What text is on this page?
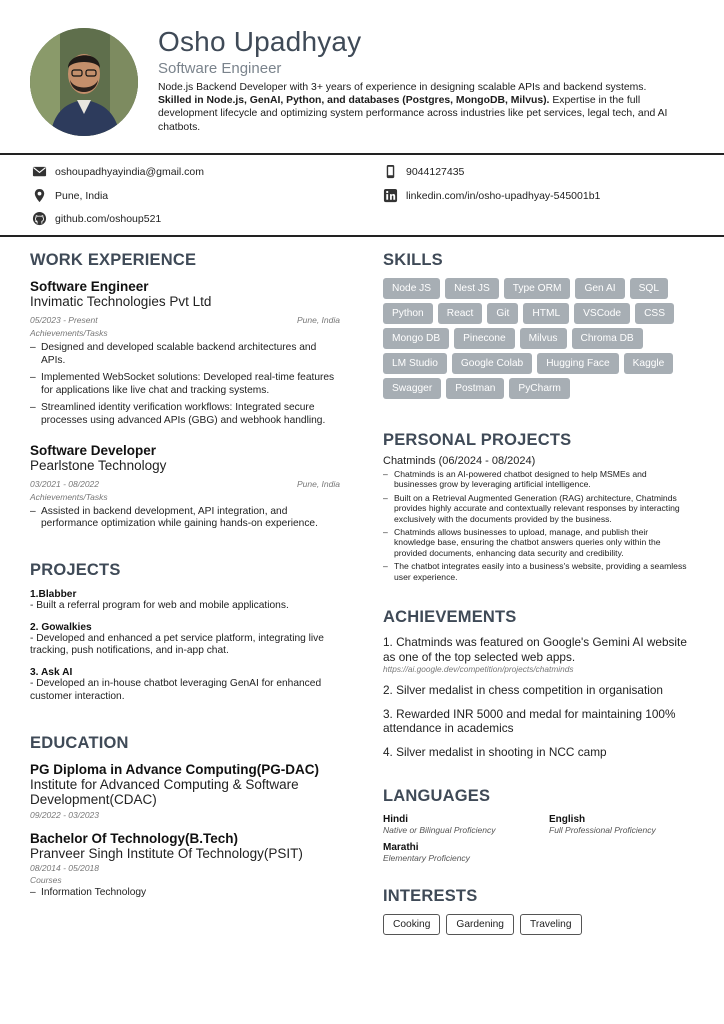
Osho Upadhyay
Software Engineer
Node.js Backend Developer with 3+ years of experience in designing scalable APIs and backend systems.
Skilled in Node.js, GenAI, Python, and databases (Postgres, MongoDB, Milvus). Expertise in the full development lifecycle and optimizing system performance across industries like pet services, legal tech, and AI chatbots.
oshoupadhyayindia@gmail.com	9044127435
Pune, India	linkedin.com/in/osho-upadhyay-545001b1
github.com/oshoup521
WORK EXPERIENCE
Software Engineer
Invimatic Technologies Pvt Ltd
05/2023 - Present	Pune, India
Achievements/Tasks
– Designed and developed scalable backend architectures and APIs.
– Implemented WebSocket solutions: Developed real-time features for applications like live chat and tracking systems.
– Streamlined identity verification workflows: Integrated secure processes using advanced APIs (GBG) and webhook handling.
Software Developer
Pearlstone Technology
03/2021 - 08/2022	Pune, India
Achievements/Tasks
– Assisted in backend development, API integration, and performance optimization while gaining hands-on experience.
PROJECTS
1.Blabber
- Built a referral program for web and mobile applications.
2. Gowalkies
- Developed and enhanced a pet service platform, integrating live tracking, push notifications, and in-app chat.
3. Ask AI
- Developed an in-house chatbot leveraging GenAI for enhanced customer interaction.
EDUCATION
PG Diploma in Advance Computing(PG-DAC)
Institute for Advanced Computing & Software Development(CDAC)
09/2022 - 03/2023
Bachelor Of Technology(B.Tech)
Pranveer Singh Institute Of Technology(PSIT)
08/2014 - 05/2018
Courses
– Information Technology
SKILLS
Node JS	Nest JS	Type ORM	Gen AI	SQL
Python	React	Git	HTML	VSCode	CSS
Mongo DB	Pinecone	Milvus	Chroma DB
LM Studio	Google Colab	Hugging Face	Kaggle
Swagger	Postman	PyCharm
PERSONAL PROJECTS
Chatminds (06/2024 - 08/2024)
– Chatminds is an AI-powered chatbot designed to help MSMEs and businesses grow by leveraging artificial intelligence.
– Built on a Retrieval Augmented Generation (RAG) architecture, Chatminds provides highly accurate and contextually relevant responses by interacting exclusively with the documents provided by the business.
– Chatminds allows businesses to upload, manage, and publish their knowledge base, ensuring the chatbot answers queries only within the provided documents, enhancing data security and credibility.
– The chatbot integrates easily into a business's website, providing a seamless user experience.
ACHIEVEMENTS
1. Chatminds was featured on Google's Gemini AI website as one of the top selected web apps.
https://ai.google.dev/competition/projects/chatminds
2. Silver medalist in chess competition in organisation
3. Rewarded INR 5000 and medal for maintaining 100% attendance in academics
4. Silver medalist in shooting in NCC camp
LANGUAGES
Hindi
Native or Bilingual Proficiency
English
Full Professional Proficiency
Marathi
Elementary Proficiency
INTERESTS
Cooking	Gardening	Traveling
